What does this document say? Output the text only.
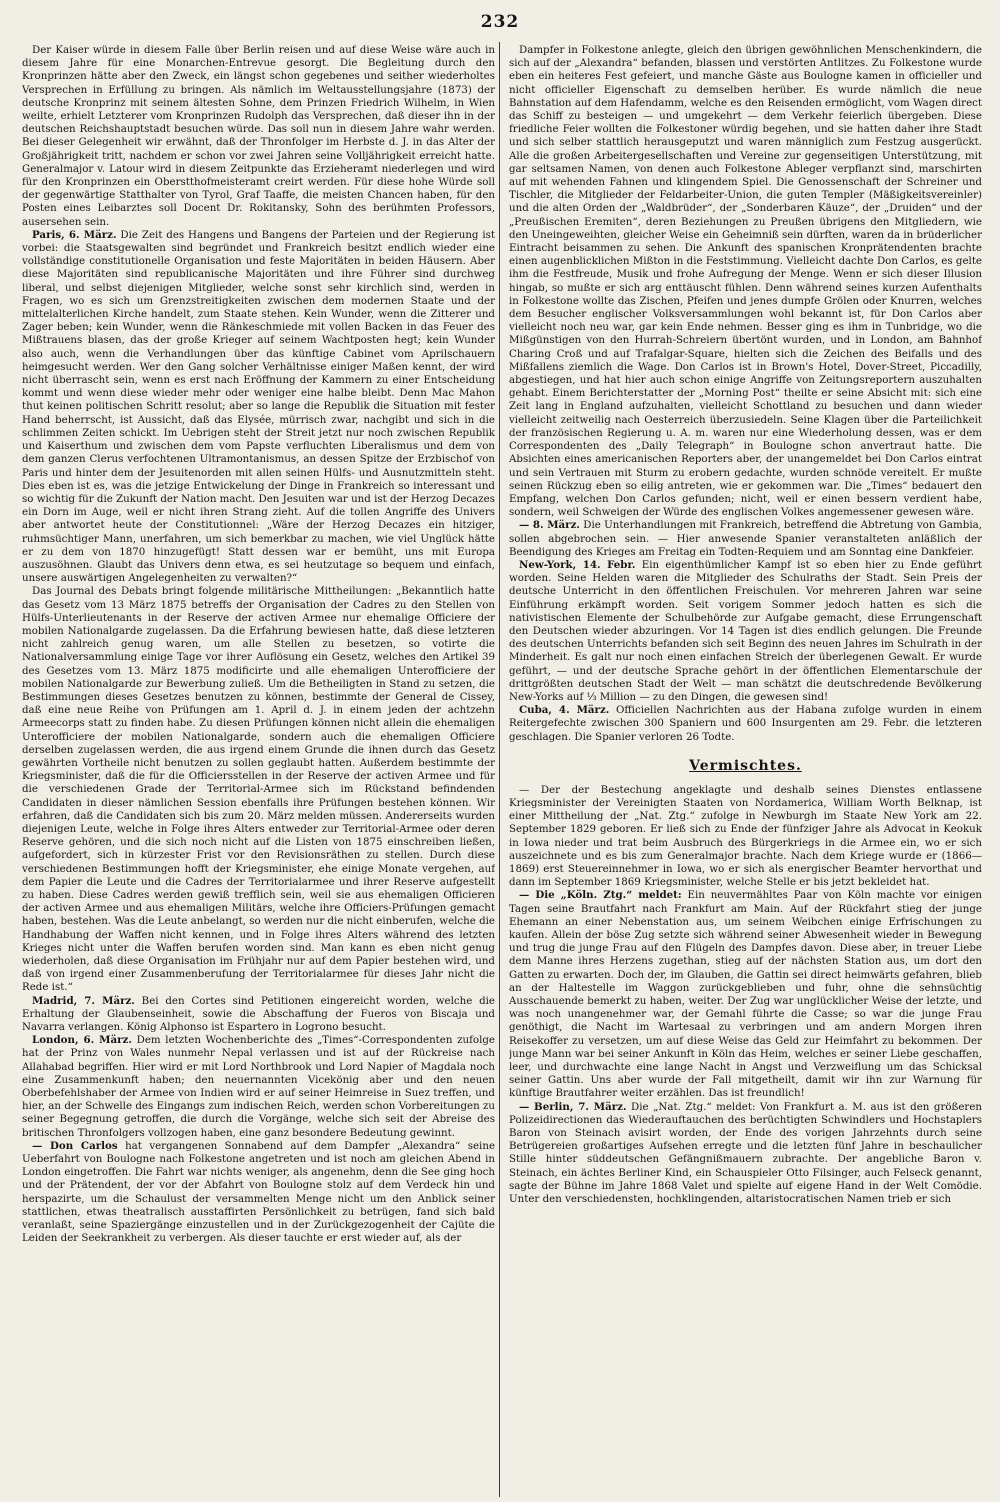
232

Der Kaiser würde in diesem Falle über Berlin reisen und auf diese Weise wäre auch in diesem Jahre für eine Monarchen-Entrevue gesorgt. Die Begleitung durch den Kronprinzen hätte aber den Zweck, ein längst schon gegebenes und seither wiederholtes Versprechen in Erfüllung zu bringen. Als nämlich im Weltausstellungsjahre (1873) der deutsche Kronprinz mit seinem ältesten Sohne, dem Prinzen Friedrich Wilhelm, in Wien weilte, erhielt Letzterer vom Kronprinzen Rudolph das Versprechen, daß dieser ihn in der deutschen Reichshauptstadt besuchen würde. Das soll nun in diesem Jahre wahr werden. Bei dieser Gelegenheit wir erwähnt, daß der Thronfolger im Herbste d. J. in das Alter der Großjährigkeit tritt, nachdem er schon vor zwei Jahren seine Volljährigkeit erreicht hatte. Generalmajor v. Latour wird in diesem Zeitpunkte das Erzieheramt niederlegen und wird für den Kronprinzen ein Oberstthofmeisteramt creirt werden. Für diese hohe Würde soll der gegenwärtige Statthalter von Tyrol, Graf Taaffe, die meisten Chancen haben, für den Posten eines Leibarztes soll Docent Dr. Rokitansky, Sohn des berühmten Professors, ausersehen sein.

Paris, 6. März. Die Zeit des Hangens und Bangens der Parteien und der Regierung ist vorbei: die Staatsgewalten sind begründet und Frankreich besitzt endlich wieder eine vollständige constitutionelle Organisation und feste Majoritäten in beiden Häusern. Aber diese Majoritäten sind republicanische Majoritäten und ihre Führer sind durchweg liberal, und selbst diejenigen Mitglieder, welche sonst sehr kirchlich sind, werden in Fragen, wo es sich um Grenzstreitigkeiten zwischen dem modernen Staate und der mittelalterlichen Kirche handelt, zum Staate stehen. Kein Wunder, wenn die Zitterer und Zager beben; kein Wunder, wenn die Ränkeschmiede mit vollen Backen in das Feuer des Mißtrauens blasen, das der große Krieger auf seinem Wachtposten hegt; kein Wunder also auch, wenn die Verhandlungen über das künftige Cabinet vom Aprilschauern heimgesucht werden. Wer den Gang solcher Verhältnisse einiger Maßen kennt, der wird nicht überrascht sein, wenn es erst nach Eröffnung der Kammern zu einer Entscheidung kommt und wenn diese wieder mehr oder weniger eine halbe bleibt. Denn Mac Mahon thut keinen politischen Schritt resolut; aber so lange die Republik die Situation mit fester Hand beherrscht, ist Aussicht, daß das Elysée, mürrisch zwar, nachgibt und sich in die schlimmen Zeiten schickt. Im Uebrigen steht der Streit jetzt nur noch zwischen Republik und Kaiserthum und zwischen dem vom Papste verfluchten Liberalismus und dem von dem ganzen Clerus verfochtenen Ultramontanismus, an dessen Spitze der Erzbischof von Paris und hinter dem der Jesuitenorden mit allen seinen Hülfs- und Ausnutzmitteln steht. Dies eben ist es, was die jetzige Entwickelung der Dinge in Frankreich so interessant und so wichtig für die Zukunft der Nation macht. Den Jesuiten war und ist der Herzog Decazes ein Dorn im Auge, weil er nicht ihren Strang zieht. Auf die tollen Angriffe des Univers aber antwortet heute der Constitutionnel: „Wäre der Herzog Decazes ein hitziger, ruhmsüchtiger Mann, unerfahren, um sich bemerkbar zu machen, wie viel Unglück hätte er zu dem von 1870 hinzugefügt! Statt dessen war er bemüht, uns mit Europa auszusöhnen. Glaubt das Univers denn etwa, es sei heutzutage so bequem und einfach, unsere auswärtigen Angelegenheiten zu verwalten?“

Das Journal des Debats bringt folgende militärische Mittheilungen: „Bekanntlich hatte das Gesetz vom 13 März 1875 betreffs der Organisation der Cadres zu den Stellen von Hülfs-Unterlieutenants in der Reserve der activen Armee nur ehemalige Officiere der mobilen Nationalgarde zugelassen. Da die Erfahrung bewiesen hatte, daß diese letzteren nicht zahlreich genug waren, um alle Stellen zu besetzen, so votirte die Nationalversammlung einige Tage vor ihrer Auflösung ein Gesetz, welches den Artikel 39 des Gesetzes vom 13. März 1875 modificirte und alle ehemaligen Unterofficiere der mobilen Nationalgarde zur Bewerbung zuließ. Um die Betheiligten in Stand zu setzen, die Bestimmungen dieses Gesetzes benutzen zu können, bestimmte der General de Cissey, daß eine neue Reihe von Prüfungen am 1. April d. J. in einem jeden der achtzehn Armeecorps statt zu finden habe. Zu diesen Prüfungen können nicht allein die ehemaligen Unterofficiere der mobilen Nationalgarde, sondern auch die ehemaligen Officiere derselben zugelassen werden, die aus irgend einem Grunde die ihnen durch das Gesetz gewährten Vortheile nicht benutzen zu sollen geglaubt hatten. Außerdem bestimmte der Kriegsminister, daß die für die Officiersstellen in der Reserve der activen Armee und für die verschiedenen Grade der Territorial-Armee sich im Rückstand befindenden Candidaten in dieser nämlichen Session ebenfalls ihre Prüfungen bestehen können. Wir erfahren, daß die Candidaten sich bis zum 20. März melden müssen. Andererseits wurden diejenigen Leute, welche in Folge ihres Alters entweder zur Territorial-Armee oder deren Reserve gehören, und die sich noch nicht auf die Listen von 1875 einschreiben ließen, aufgefordert, sich in kürzester Frist vor den Revisionsräthen zu stellen. Durch diese verschiedenen Bestimmungen hofft der Kriegsminister, ehe einige Monate vergehen, auf dem Papier die Leute und die Cadres der Territorialarmee und ihrer Reserve aufgestellt zu haben. Diese Cadres werden gewiß trefflich sein, weil sie aus ehemaligen Officieren der activen Armee und aus ehemaligen Militärs, welche ihre Officiers-Prüfungen gemacht haben, bestehen. Was die Leute anbelangt, so werden nur die nicht einberufen, welche die Handhabung der Waffen nicht kennen, und in Folge ihres Alters während des letzten Krieges nicht unter die Waffen berufen worden sind. Man kann es eben nicht genug wiederholen, daß diese Organisation im Frühjahr nur auf dem Papier bestehen wird, und daß von irgend einer Zusammenberufung der Territorialarmee für dieses Jahr nicht die Rede ist.“

Madrid, 7. März. Bei den Cortes sind Petitionen eingereicht worden, welche die Erhaltung der Glaubenseinheit, sowie die Abschaffung der Fueros von Biscaja und Navarra verlangen. König Alphonso ist Espartero in Logrono besucht.

London, 6. März. Dem letzten Wochenberichte des „Times“-Correspondenten zufolge hat der Prinz von Wales nunmehr Nepal verlassen und ist auf der Rückreise nach Allahabad begriffen. Hier wird er mit Lord Northbrook und Lord Napier of Magdala noch eine Zusammenkunft haben; den neuernannten Vicekönig aber und den neuen Oberbefehlshaber der Armee von Indien wird er auf seiner Heimreise in Suez treffen, und hier, an der Schwelle des Eingangs zum indischen Reich, werden schon Vorbereitungen zu seiner Begegnung getroffen, die durch die Vorgänge, welche sich seit der Abreise des britischen Thronfolgers vollzogen haben, eine ganz besondere Bedeutung gewinnt.

— Don Carlos hat vergangenen Sonnabend auf dem Dampfer „Alexandra“ seine Ueberfahrt von Boulogne nach Folkestone angetreten und ist noch am gleichen Abend in London eingetroffen. Die Fahrt war nichts weniger, als angenehm, denn die See ging hoch und der Prätendent, der vor der Abfahrt von Boulogne stolz auf dem Verdeck hin und herspazirte, um die Schaulust der versammelten Menge nicht um den Anblick seiner stattlichen, etwas theatralisch ausstaffirten Persönlichkeit zu betrügen, fand sich bald veranlaßt, seine Spaziergänge einzustellen und in der Zurückgezogenheit der Cajüte die Leiden der Seekrankheit zu verbergen. Als dieser tauchte er erst wieder auf, als der

Dampfer in Folkestone anlegte, gleich den übrigen gewöhnlichen Menschenkindern, die sich auf der „Alexandra“ befanden, blassen und verstörten Antlitzes. Zu Folkestone wurde eben ein heiteres Fest gefeiert, und manche Gäste aus Boulogne kamen in officieller und nicht officieller Eigenschaft zu demselben herüber. Es wurde nämlich die neue Bahnstation auf dem Hafendamm, welche es den Reisenden ermöglicht, vom Wagen direct das Schiff zu besteigen — und umgekehrt — dem Verkehr feierlich übergeben. Diese friedliche Feier wollten die Folkestoner würdig begehen, und sie hatten daher ihre Stadt und sich selber stattlich herausgeputzt und waren männiglich zum Festzug ausgerückt. Alle die großen Arbeitergesellschaften und Vereine zur gegenseitigen Unterstützung, mit gar seltsamen Namen, von denen auch Folkestone Ableger verpflanzt sind, marschirten auf mit wehenden Fahnen und klingendem Spiel. Die Genossenschaft der Schreiner und Tischler, die Mitglieder der Feldarbeiter-Union, die guten Templer (Mäßigkeitsvereinler) und die alten Orden der „Waldbrüder“, der „Sonderbaren Käuze“, der „Druiden“ und der „Preußischen Eremiten“, deren Beziehungen zu Preußen übrigens den Mitgliedern, wie den Uneingeweihten, gleicher Weise ein Geheimniß sein dürften, waren da in brüderlicher Eintracht beisammen zu sehen. Die Ankunft des spanischen Kronprätendenten brachte einen augenblicklichen Mißton in die Feststimmung. Vielleicht dachte Don Carlos, es gelte ihm die Festfreude, Musik und frohe Aufregung der Menge. Wenn er sich dieser Illusion hingab, so mußte er sich arg enttäuscht fühlen. Denn während seines kurzen Aufenthalts in Folkestone wollte das Zischen, Pfeifen und jenes dumpfe Grölen oder Knurren, welches dem Besucher englischer Volksversammlungen wohl bekannt ist, für Don Carlos aber vielleicht noch neu war, gar kein Ende nehmen. Besser ging es ihm in Tunbridge, wo die Mißgünstigen von den Hurrah-Schreiern übertönt wurden, und in London, am Bahnhof Charing Croß und auf Trafalgar-Square, hielten sich die Zeichen des Beifalls und des Mißfallens ziemlich die Wage. Don Carlos ist in Brown's Hotel, Dover-Street, Piccadilly, abgestiegen, und hat hier auch schon einige Angriffe von Zeitungsreportern auszuhalten gehabt. Einem Berichterstatter der „Morning Post“ theilte er seine Absicht mit: sich eine Zeit lang in England aufzuhalten, vielleicht Schottland zu besuchen und dann wieder vielleicht zeitweilig nach Oesterreich überzusiedeln. Seine Klagen über die Parteilichkeit der französischen Regierung u. A. m. waren nur eine Wiederholung dessen, was er dem Correspondenten des „Daily Telegraph“ in Boulogne schon anvertraut hatte. Die Absichten eines americanischen Reporters aber, der unangemeldet bei Don Carlos eintrat und sein Vertrauen mit Sturm zu erobern gedachte, wurden schnöde vereitelt. Er mußte seinen Rückzug eben so eilig antreten, wie er gekommen war. Die „Times“ bedauert den Empfang, welchen Don Carlos gefunden; nicht, weil er einen bessern verdient habe, sondern, weil Schweigen der Würde des englischen Volkes angemessener gewesen wäre.

— 8. März. Die Unterhandlungen mit Frankreich, betreffend die Abtretung von Gambia, sollen abgebrochen sein. — Hier anwesende Spanier veranstalteten anläßlich der Beendigung des Krieges am Freitag ein Todten-Requiem und am Sonntag eine Dankfeier.

New-York, 14. Febr. Ein eigenthümlicher Kampf ist so eben hier zu Ende geführt worden. Seine Helden waren die Mitglieder des Schulraths der Stadt. Sein Preis der deutsche Unterricht in den öffentlichen Freischulen. Vor mehreren Jahren war seine Einführung erkämpft worden. Seit vorigem Sommer jedoch hatten es sich die nativistischen Elemente der Schulbehörde zur Aufgabe gemacht, diese Errungenschaft den Deutschen wieder abzuringen. Vor 14 Tagen ist dies endlich gelungen. Die Freunde des deutschen Unterrichts befanden sich seit Beginn des neuen Jahres im Schulrath in der Minderheit. Es galt nur noch einen einfachen Streich der überlegenen Gewalt. Er wurde geführt, — und der deutsche Sprache gehört in der öffentlichen Elementarschule der drittgrößten deutschen Stadt der Welt — man schätzt die deutschredende Bevölkerung New-Yorks auf ⅓ Million — zu den Dingen, die gewesen sind!

Cuba, 4. März. Officiellen Nachrichten aus der Habana zufolge wurden in einem Reitergefechte zwischen 300 Spaniern und 600 Insurgenten am 29. Febr. die letzteren geschlagen. Die Spanier verloren 26 Todte.

Vermischtes.

— Der der Bestechung angeklagte und deshalb seines Dienstes entlassene Kriegsminister der Vereinigten Staaten von Nordamerica, William Worth Belknap, ist einer Mittheilung der „Nat. Ztg.“ zufolge in Newburgh im Staate New York am 22. September 1829 geboren. Er ließ sich zu Ende der fünfziger Jahre als Advocat in Keokuk in Iowa nieder und trat beim Ausbruch des Bürgerkriegs in die Armee ein, wo er sich auszeichnete und es bis zum Generalmajor brachte. Nach dem Kriege wurde er (1866—1869) erst Steuereinnehmer in Iowa, wo er sich als energischer Beamter hervorthat und dann im September 1869 Kriegsminister, welche Stelle er bis jetzt bekleidet hat.

— Die „Köln. Ztg.“ meldet: Ein neuvermähltes Paar von Köln machte vor einigen Tagen seine Brautfahrt nach Frankfurt am Main. Auf der Rückfahrt stieg der junge Ehemann an einer Nebenstation aus, um seinem Weibchen einige Erfrischungen zu kaufen. Allein der böse Zug setzte sich während seiner Abwesenheit wieder in Bewegung und trug die junge Frau auf den Flügeln des Dampfes davon. Diese aber, in treuer Liebe dem Manne ihres Herzens zugethan, stieg auf der nächsten Station aus, um dort den Gatten zu erwarten. Doch der, im Glauben, die Gattin sei direct heimwärts gefahren, blieb an der Haltestelle im Waggon zurückgeblieben und fuhr, ohne die sehnsüchtig Ausschauende bemerkt zu haben, weiter. Der Zug war unglücklicher Weise der letzte, und was noch unangenehmer war, der Gemahl führte die Casse; so war die junge Frau genöthigt, die Nacht im Wartesaal zu verbringen und am andern Morgen ihren Reisekoffer zu versetzen, um auf diese Weise das Geld zur Heimfahrt zu bekommen. Der junge Mann war bei seiner Ankunft in Köln das Heim, welches er seiner Liebe geschaffen, leer, und durchwachte eine lange Nacht in Angst und Verzweiflung um das Schicksal seiner Gattin. Uns aber wurde der Fall mitgetheilt, damit wir ihn zur Warnung für künftige Brautfahrer weiter erzählen. Das ist freundlich!

— Berlin, 7. März. Die „Nat. Ztg.“ meldet: Von Frankfurt a. M. aus ist den größeren Polizeidirectionen das Wiederauftauchen des berüchtigten Schwindlers und Hochstaplers Baron von Steinach avisirt worden, der Ende des vorigen Jahrzehnts durch seine Betrügereien großartiges Aufsehen erregte und die letzten fünf Jahre in beschaulicher Stille hinter süddeutschen Gefängnißmauern zubrachte. Der angebliche Baron v. Steinach, ein ächtes Berliner Kind, ein Schauspieler Otto Filsinger, auch Felseck genannt, sagte der Bühne im Jahre 1868 Valet und spielte auf eigene Hand in der Welt Comödie. Unter den verschiedensten, hochklingenden, altaristocratischen Namen trieb er sich
